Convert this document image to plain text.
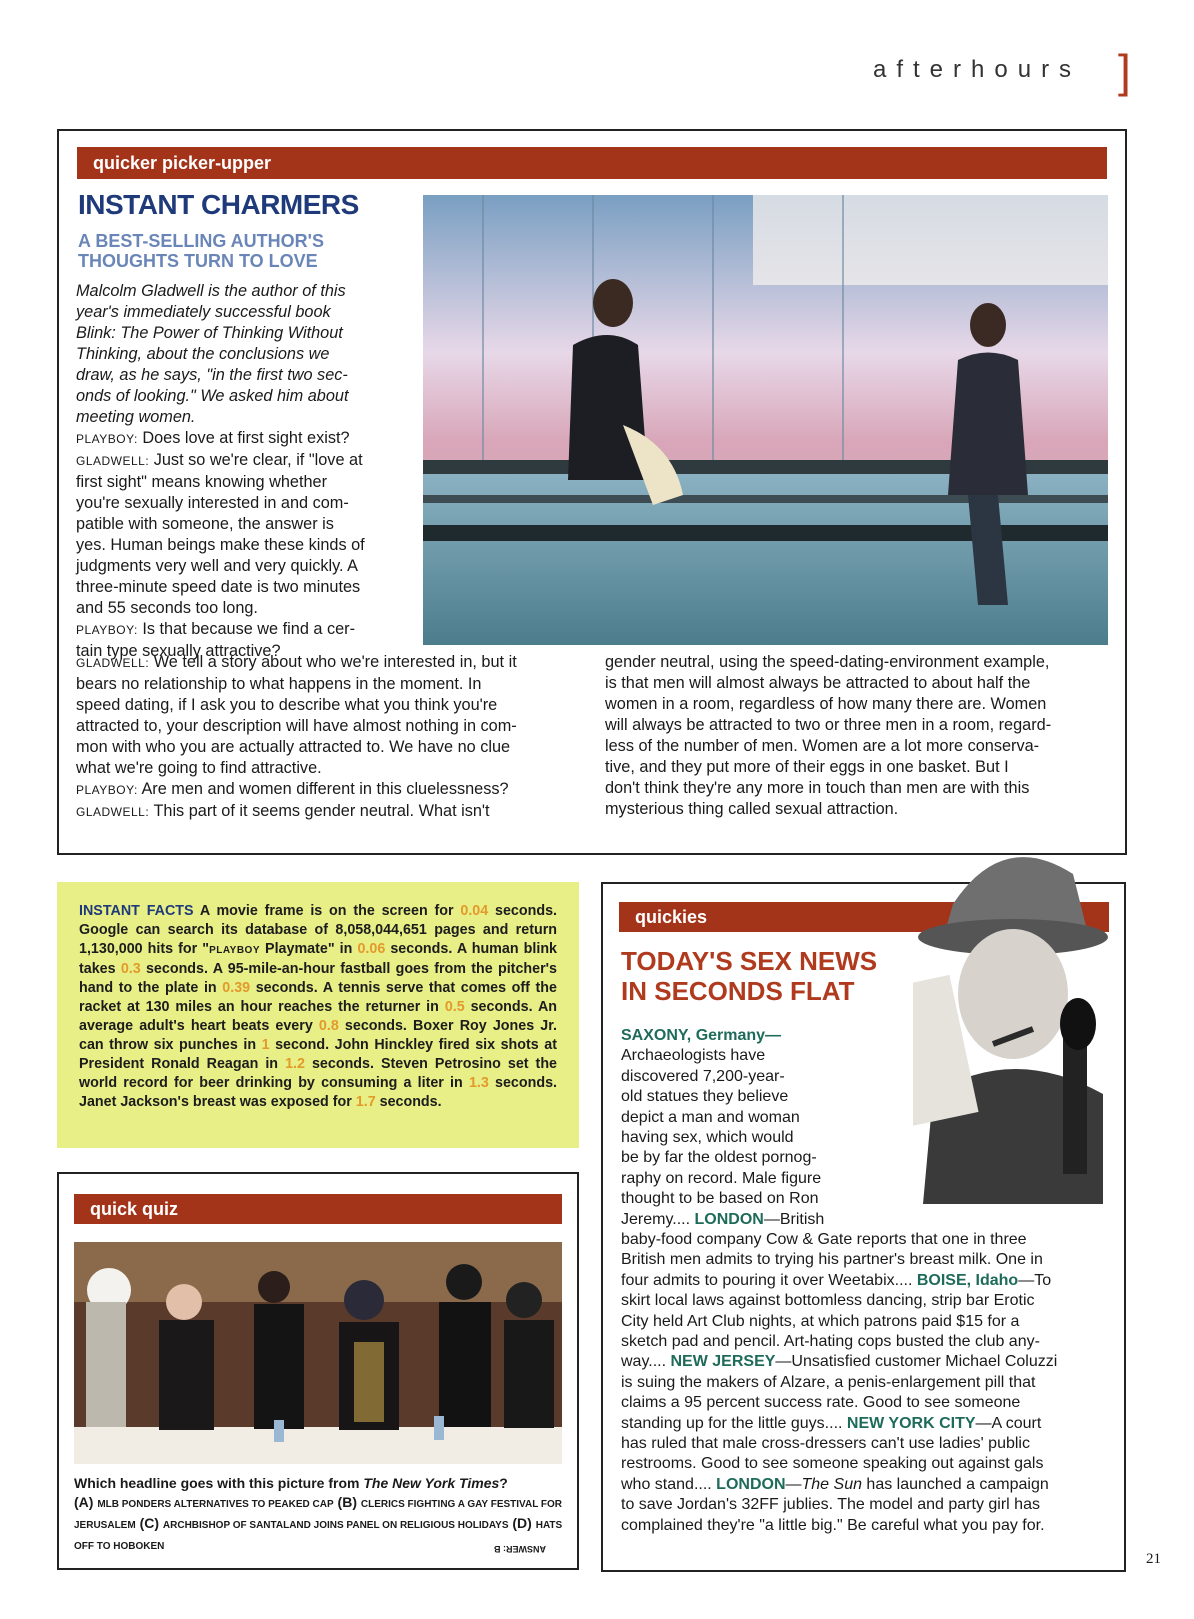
afterhours ]
quicker picker-upper
INSTANT CHARMERS
A BEST-SELLING AUTHOR'S
THOUGHTS TURN TO LOVE
Malcolm Gladwell is the author of this
year's immediately successful book
Blink: The Power of Thinking Without
Thinking, about the conclusions we
draw, as he says, "in the first two sec-
onds of looking." We asked him about
meeting women.
PLAYBOY: Does love at first sight exist?
GLADWELL: Just so we're clear, if "love at
first sight" means knowing whether
you're sexually interested in and com-
patible with someone, the answer is
yes. Human beings make these kinds of
judgments very well and very quickly. A
three-minute speed date is two minutes
and 55 seconds too long.
PLAYBOY: Is that because we find a cer-
tain type sexually attractive?
GLADWELL: We tell a story about who we're interested in, but it
bears no relationship to what happens in the moment. In
speed dating, if I ask you to describe what you think you're
attracted to, your description will have almost nothing in com-
mon with who you are actually attracted to. We have no clue
what we're going to find attractive.
PLAYBOY: Are men and women different in this cluelessness?
GLADWELL: This part of it seems gender neutral. What isn't
gender neutral, using the speed-dating-environment example,
is that men will almost always be attracted to about half the
women in a room, regardless of how many there are. Women
will always be attracted to two or three men in a room, regard-
less of the number of men. Women are a lot more conserva-
tive, and they put more of their eggs in one basket. But I
don't think they're any more in touch than men are with this
mysterious thing called sexual attraction.
INSTANT FACTS A movie frame is on the screen for 0.04 seconds. Google can search its database of 8,058,044,651 pages and return 1,130,000 hits for "PLAYBOY Playmate" in 0.06 seconds. A human blink takes 0.3 seconds. A 95-mile-an-hour fastball goes from the pitcher's hand to the plate in 0.39 seconds. A tennis serve that comes off the racket at 130 miles an hour reaches the returner in 0.5 seconds. An average adult's heart beats every 0.8 seconds. Boxer Roy Jones Jr. can throw six punches in 1 second. John Hinckley fired six shots at President Ronald Reagan in 1.2 seconds. Steven Petrosino set the world record for beer drinking by consuming a liter in 1.3 seconds. Janet Jackson's breast was exposed for 1.7 seconds.
quick quiz
Which headline goes with this picture from The New York Times?
(A) MLB PONDERS ALTERNATIVES TO PEAKED CAP (B) CLERICS FIGHTING A GAY FESTIVAL FOR JERUSALEM (C) ARCHBISHOP OF SANTALAND JOINS PANEL ON RELIGIOUS HOLIDAYS (D) HATS OFF TO HOBOKEN	ANSWER: B
quickies
TODAY'S SEX NEWS
IN SECONDS FLAT
SAXONY, Germany—
Archaeologists have
discovered 7,200-year-
old statues they believe
depict a man and woman
having sex, which would
be by far the oldest pornog-
raphy on record. Male figure
thought to be based on Ron
Jeremy.... LONDON—British
baby-food company Cow & Gate reports that one in three
British men admits to trying his partner's breast milk. One in
four admits to pouring it over Weetabix.... BOISE, Idaho—To
skirt local laws against bottomless dancing, strip bar Erotic
City held Art Club nights, at which patrons paid $15 for a
sketch pad and pencil. Art-hating cops busted the club any-
way.... NEW JERSEY—Unsatisfied customer Michael Coluzzi
is suing the makers of Alzare, a penis-enlargement pill that
claims a 95 percent success rate. Good to see someone
standing up for the little guys.... NEW YORK CITY—A court
has ruled that male cross-dressers can't use ladies' public
restrooms. Good to see someone speaking out against gals
who stand.... LONDON—The Sun has launched a campaign
to save Jordan's 32FF jublies. The model and party girl has
complained they're "a little big." Be careful what you pay for.
21
